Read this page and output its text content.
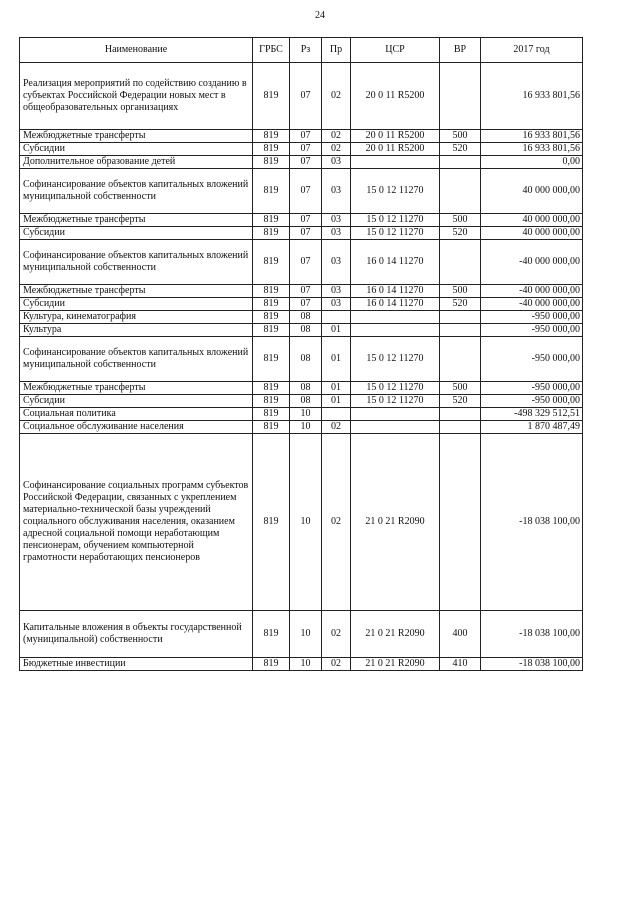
24
Наименование	ГРБС	Рз	Пр	ЦСР	ВР	2017 год
Реализация мероприятий по содействию созданию в субъектах Российской Федерации новых мест в общеобразовательных организациях	819	07	02	20 0 11 R5200		16 933 801,56
Межбюджетные трансферты	819	07	02	20 0 11 R5200	500	16 933 801,56
Субсидии	819	07	02	20 0 11 R5200	520	16 933 801,56
Дополнительное образование детей	819	07	03			0,00
Софинансирование объектов капитальных вложений муниципальной собственности	819	07	03	15 0 12 11270		40 000 000,00
Межбюджетные трансферты	819	07	03	15 0 12 11270	500	40 000 000,00
Субсидии	819	07	03	15 0 12 11270	520	40 000 000,00
Софинансирование объектов капитальных вложений муниципальной собственности	819	07	03	16 0 14 11270		-40 000 000,00
Межбюджетные трансферты	819	07	03	16 0 14 11270	500	-40 000 000,00
Субсидии	819	07	03	16 0 14 11270	520	-40 000 000,00
Культура, кинематография	819	08				-950 000,00
Культура	819	08	01			-950 000,00
Софинансирование объектов капитальных вложений муниципальной собственности	819	08	01	15 0 12 11270		-950 000,00
Межбюджетные трансферты	819	08	01	15 0 12 11270	500	-950 000,00
Субсидии	819	08	01	15 0 12 11270	520	-950 000,00
Социальная политика	819	10				-498 329 512,51
Социальное обслуживание населения	819	10	02			1 870 487,49
Софинансирование социальных программ субъектов Российской Федерации, связанных с укреплением материально-технической базы учреждений социального обслуживания населения, оказанием адресной социальной помощи неработающим пенсионерам, обучением компьютерной грамотности неработающих пенсионеров	819	10	02	21 0 21 R2090		-18 038 100,00
Капитальные вложения в объекты государственной (муниципальной) собственности	819	10	02	21 0 21 R2090	400	-18 038 100,00
Бюджетные инвестиции	819	10	02	21 0 21 R2090	410	-18 038 100,00
